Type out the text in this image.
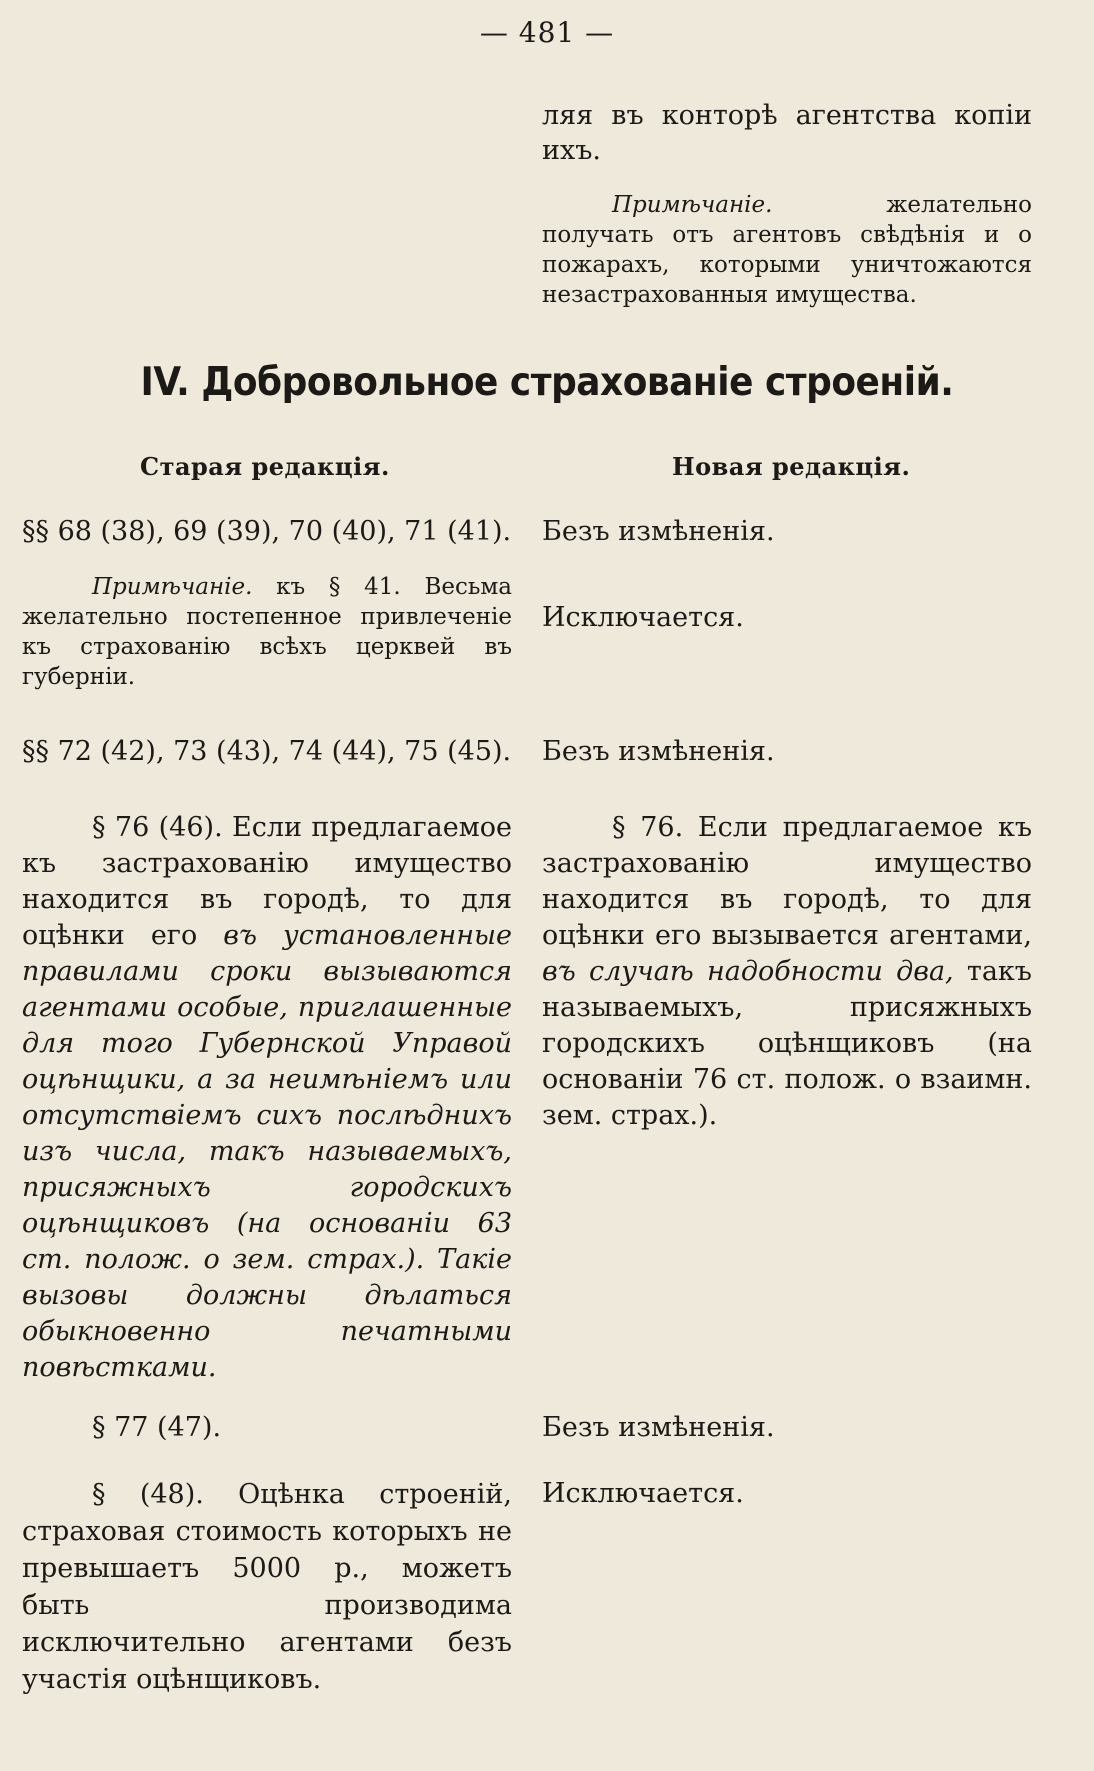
— 481 —

ляя въ конторѣ агентства копіи ихъ.

Примѣчаніе. желательно получать отъ агентовъ свѣдѣнія и о пожарахъ, которыми уничтожаются незастрахованныя имущества.

IV. Добровольное страхованіе строеній.
Старая редакція.	Новая редакція.
§§ 68 (38), 69 (39), 70 (40), 71 (41). Безъ измѣненія.
Примѣчаніе. къ § 41. Весьма желательно постепенное привлеченіе къ страхованію всѣхъ церквей въ губерніи.
Исключается.
§§ 72 (42), 73 (43), 74 (44), 75 (45). Безъ измѣненія.
§ 76 (46). Если предлагаемое къ застрахованію имущество находится въ городѣ, то для оцѣнки его въ установленные правилами сроки вызываются агентами особые, приглашенные для того Губернской Управой оцѣнщики, а за неимѣніемъ или отсутствіемъ сихъ послѣднихъ изъ числа, такъ называемыхъ, присяжныхъ городскихъ оцѣнщиковъ (на основаніи 63 ст. полож. о зем. страх.). Такіе вызовы должны дѣлаться обыкновенно печатными повѣстками.
§ 76. Если предлагаемое къ застрахованію имущество находится въ городѣ, то для оцѣнки его вызывается агентами, въ случаѣ надобности два, такъ называемыхъ, присяжныхъ городскихъ оцѣнщиковъ (на основаніи 76 ст. полож. о взаимн. зем. страх.).
§ 77 (47).	Безъ измѣненія.
§ (48). Оцѣнка строеній, страховая стоимость которыхъ не превышаетъ 5000 р., можетъ быть производима исключительно агентами безъ участія оцѣнщиковъ.
Исключается.
